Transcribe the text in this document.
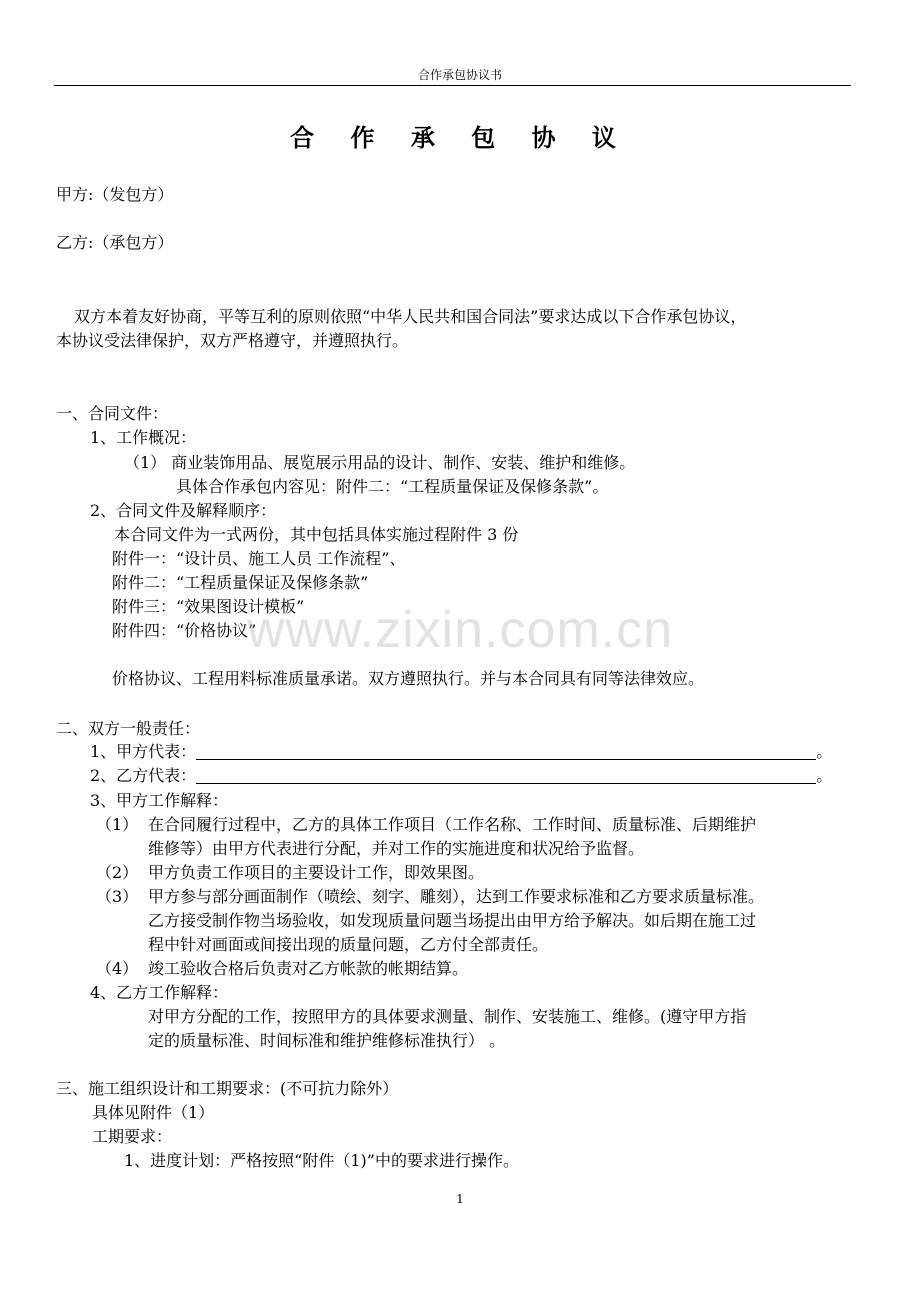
合作承包协议书
合 作 承 包 协 议
甲方:（发包方）
乙方:（承包方）
双方本着友好协商，平等互利的原则依照“中华人民共和国合同法”要求达成以下合作承包协议，
本协议受法律保护，双方严格遵守，并遵照执行。
一、合同文件：
1、工作概况：
（1） 商业装饰用品、展览展示用品的设计、制作、安装、维护和维修。
具体合作承包内容见：附件二：“工程质量保证及保修条款”。
2、合同文件及解释顺序：
本合同文件为一式两份，其中包括具体实施过程附件 3 份
附件一：“设计员、施工人员 工作流程”、
附件二：“工程质量保证及保修条款”
附件三：“效果图设计模板”
附件四：“价格协议”
价格协议、工程用料标准质量承诺。双方遵照执行。并与本合同具有同等法律效应。
二、双方一般责任：
1、甲方代表：	。
2、乙方代表：	。
3、甲方工作解释：
（1） 在合同履行过程中，乙方的具体工作项目（工作名称、工作时间、质量标准、后期维护
维修等）由甲方代表进行分配，并对工作的实施进度和状况给予监督。
（2） 甲方负责工作项目的主要设计工作，即效果图。
（3） 甲方参与部分画面制作（喷绘、刻字、雕刻），达到工作要求标准和乙方要求质量标准。
乙方接受制作物当场验收，如发现质量问题当场提出由甲方给予解决。如后期在施工过
程中针对画面或间接出现的质量问题，乙方付全部责任。
（4） 竣工验收合格后负责对乙方帐款的帐期结算。
4、乙方工作解释：
对甲方分配的工作，按照甲方的具体要求测量、制作、安装施工、维修。(遵守甲方指
定的质量标准、时间标准和维护维修标准执行） 。
三、施工组织设计和工期要求：(不可抗力除外）
具体见附件（1）
工期要求：
1、进度计划：严格按照“附件（1)”中的要求进行操作。
www.zixin.com.cn
1
